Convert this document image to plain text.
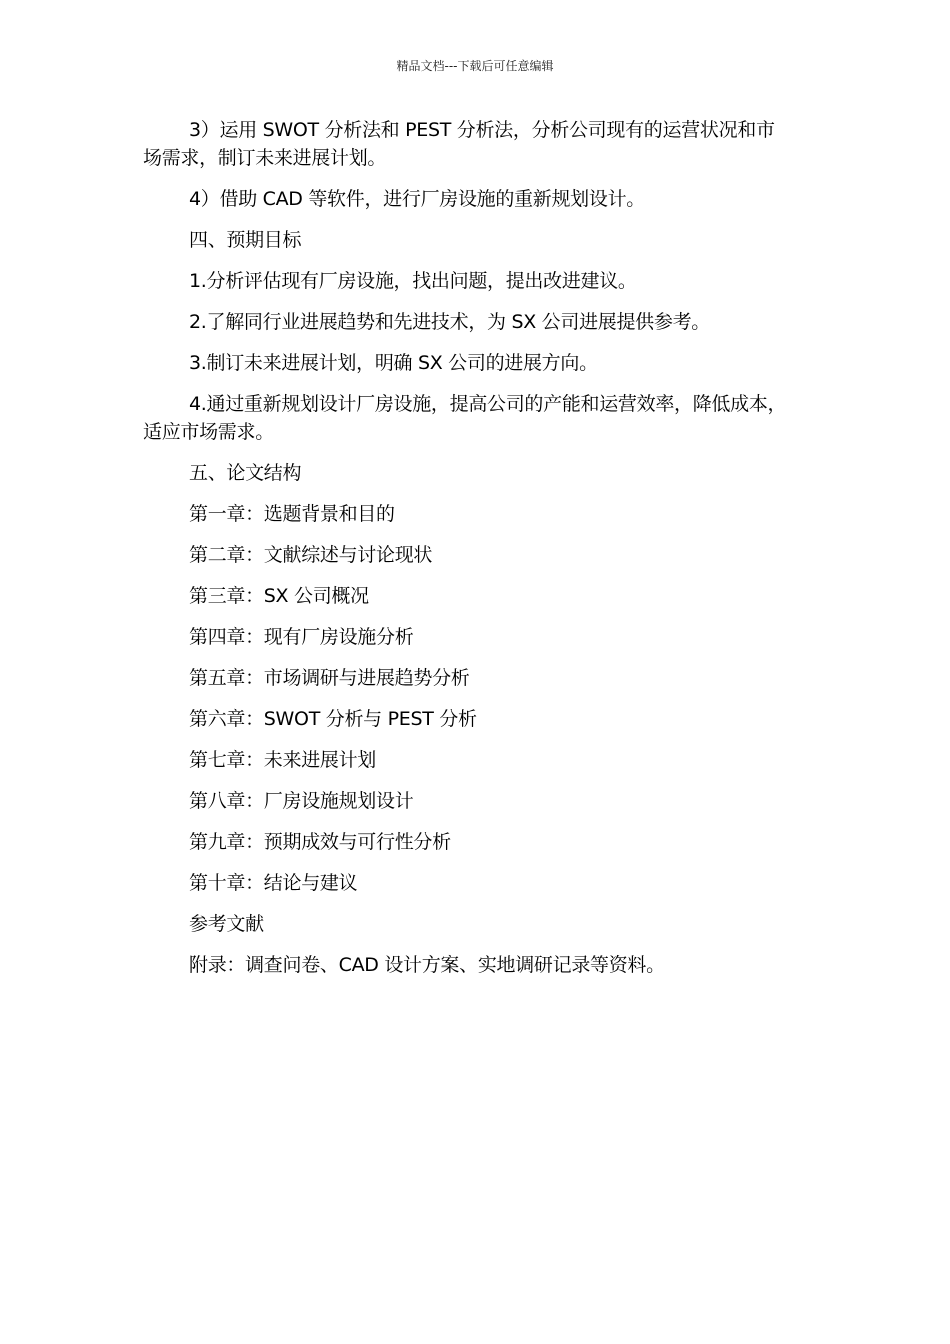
精品文档---下载后可任意编辑

3）运用 SWOT 分析法和 PEST 分析法，分析公司现有的运营状况和市场需求，制订未来进展计划。

4）借助 CAD 等软件，进行厂房设施的重新规划设计。

四、预期目标

1.分析评估现有厂房设施，找出问题，提出改进建议。

2.了解同行业进展趋势和先进技术，为 SX 公司进展提供参考。

3.制订未来进展计划，明确 SX 公司的进展方向。

4.通过重新规划设计厂房设施，提高公司的产能和运营效率，降低成本，适应市场需求。

五、论文结构

第一章：选题背景和目的

第二章：文献综述与讨论现状

第三章：SX 公司概况

第四章：现有厂房设施分析

第五章：市场调研与进展趋势分析

第六章：SWOT 分析与 PEST 分析

第七章：未来进展计划

第八章：厂房设施规划设计

第九章：预期成效与可行性分析

第十章：结论与建议

参考文献

附录：调查问卷、CAD 设计方案、实地调研记录等资料。
